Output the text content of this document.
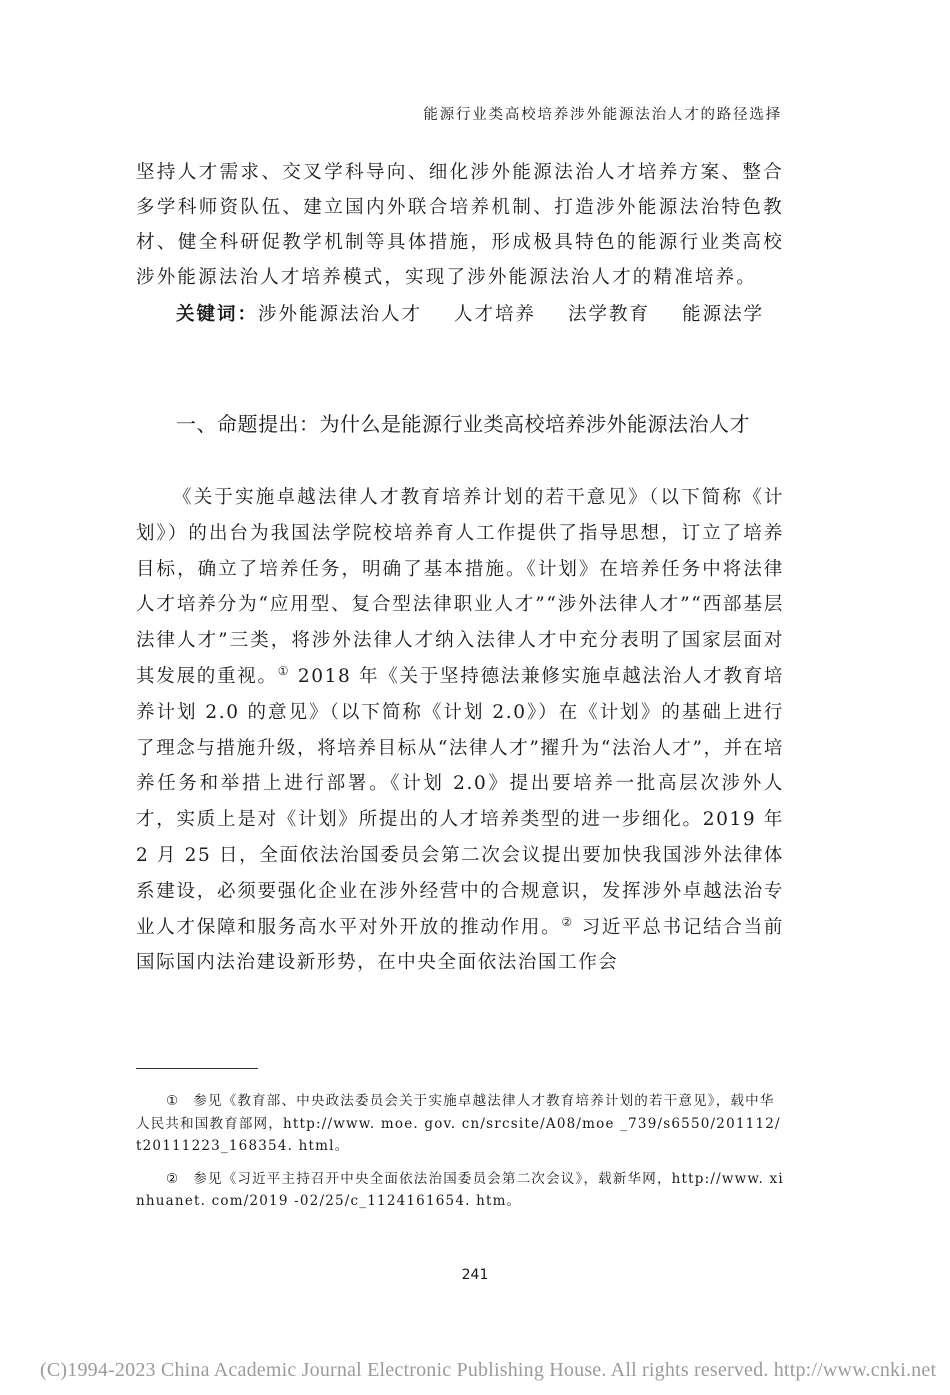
能源行业类高校培养涉外能源法治人才的路径选择

坚持人才需求、交叉学科导向、细化涉外能源法治人才培养方案、整合多学科师资队伍、建立国内外联合培养机制、打造涉外能源法治特色教材、健全科研促教学机制等具体措施，形成极具特色的能源行业类高校涉外能源法治人才培养模式，实现了涉外能源法治人才的精准培养。

关键词：涉外能源法治人才 人才培养 法学教育 能源法学
一、命题提出：为什么是能源行业类高校培养涉外能源法治人才

《关于实施卓越法律人才教育培养计划的若干意见》（以下简称《计划》）的出台为我国法学院校培养育人工作提供了指导思想，订立了培养目标，确立了培养任务，明确了基本措施。《计划》在培养任务中将法律人才培养分为“应用型、复合型法律职业人才”“涉外法律人才”“西部基层法律人才”三类，将涉外法律人才纳入法律人才中充分表明了国家层面对其发展的重视。① 2018 年《关于坚持德法兼修实施卓越法治人才教育培养计划 2.0 的意见》（以下简称《计划 2.0》）在《计划》的基础上进行了理念与措施升级，将培养目标从“法律人才”擢升为“法治人才”，并在培养任务和举措上进行部署。《计划 2.0》提出要培养一批高层次涉外人才，实质上是对《计划》所提出的人才培养类型的进一步细化。2019 年 2 月 25 日，全面依法治国委员会第二次会议提出要加快我国涉外法律体系建设，必须要强化企业在涉外经营中的合规意识，发挥涉外卓越法治专业人才保障和服务高水平对外开放的推动作用。② 习近平总书记结合当前国际国内法治建设新形势，在中央全面依法治国工作会

① 参见《教育部、中央政法委员会关于实施卓越法律人才教育培养计划的若干意见》，载中华人民共和国教育部网，http://www. moe. gov. cn/srcsite/A08/moe _739/s6550/201112/t20111223_168354. html。

② 参见《习近平主持召开中央全面依法治国委员会第二次会议》，载新华网，http://www. xinhuanet. com/2019 -02/25/c_1124161654. htm。

241
(C)1994-2023 China Academic Journal Electronic Publishing House. All rights reserved. http://www.cnki.net
